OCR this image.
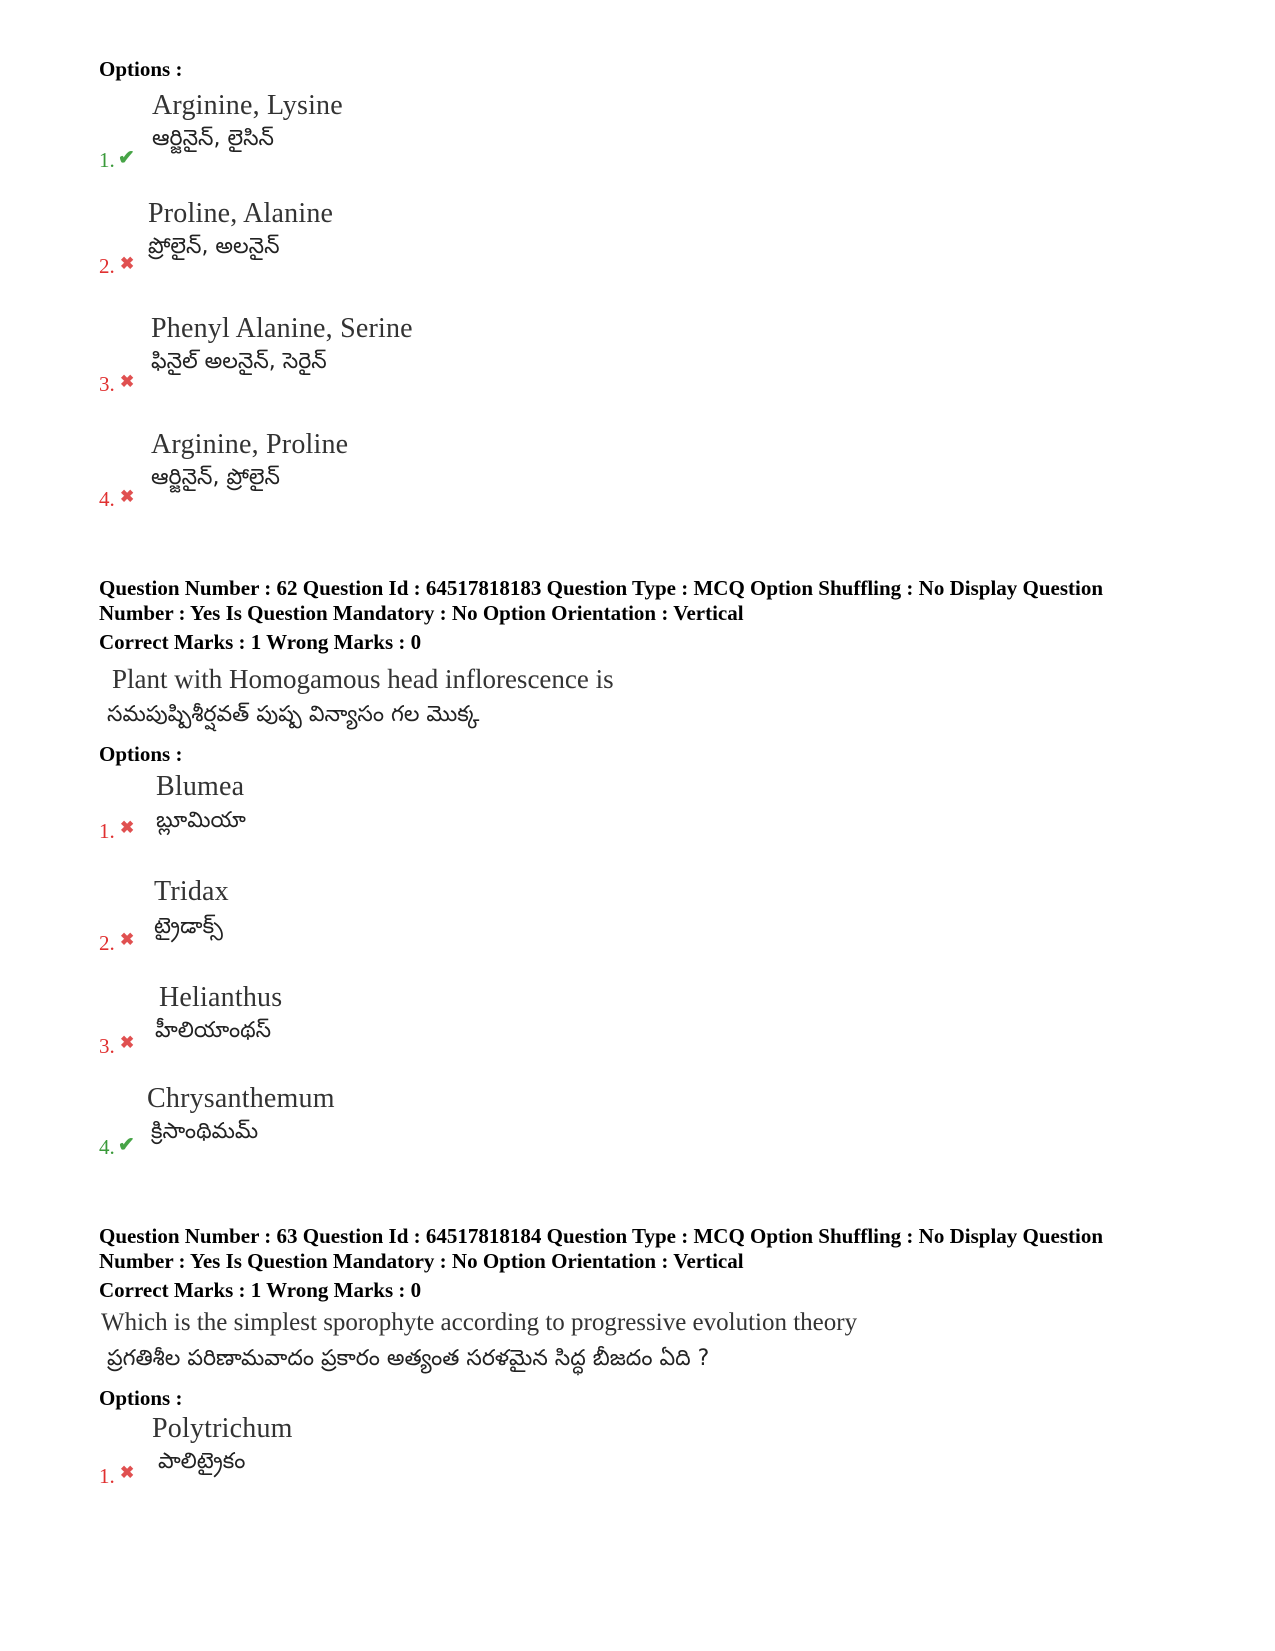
Options :
Arginine, Lysine
ఆర్జినైన్, లైసిన్
1. ✔
Proline, Alanine
ప్రోలైన్, అలనైన్
2. ✖
Phenyl Alanine, Serine
ఫినైల్ అలనైన్, సెరైన్
3. ✖
Arginine, Proline
ఆర్జినైన్, ప్రోలైన్
4. ✖
Question Number : 62 Question Id : 64517818183 Question Type : MCQ Option Shuffling : No Display Question
Number : Yes Is Question Mandatory : No Option Orientation : Vertical
Correct Marks : 1 Wrong Marks : 0
Plant with Homogamous head inflorescence is
సమపుష్పిశీర్షవత్ పుష్ప విన్యాసం గల మొక్క
Options :
Blumea
బ్లూమియా
1. ✖
Tridax
ట్రైడాక్స్
2. ✖
Helianthus
హీలియాంథస్
3. ✖
Chrysanthemum
క్రిసాంథిమమ్
4. ✔
Question Number : 63 Question Id : 64517818184 Question Type : MCQ Option Shuffling : No Display Question
Number : Yes Is Question Mandatory : No Option Orientation : Vertical
Correct Marks : 1 Wrong Marks : 0
Which is the simplest sporophyte according to progressive evolution theory
ప్రగతిశీల పరిణామవాదం ప్రకారం అత్యంత సరళమైన సిద్ధ బీజదం ఏది ?
Options :
Polytrichum
పాలిట్రైకం
1. ✖
